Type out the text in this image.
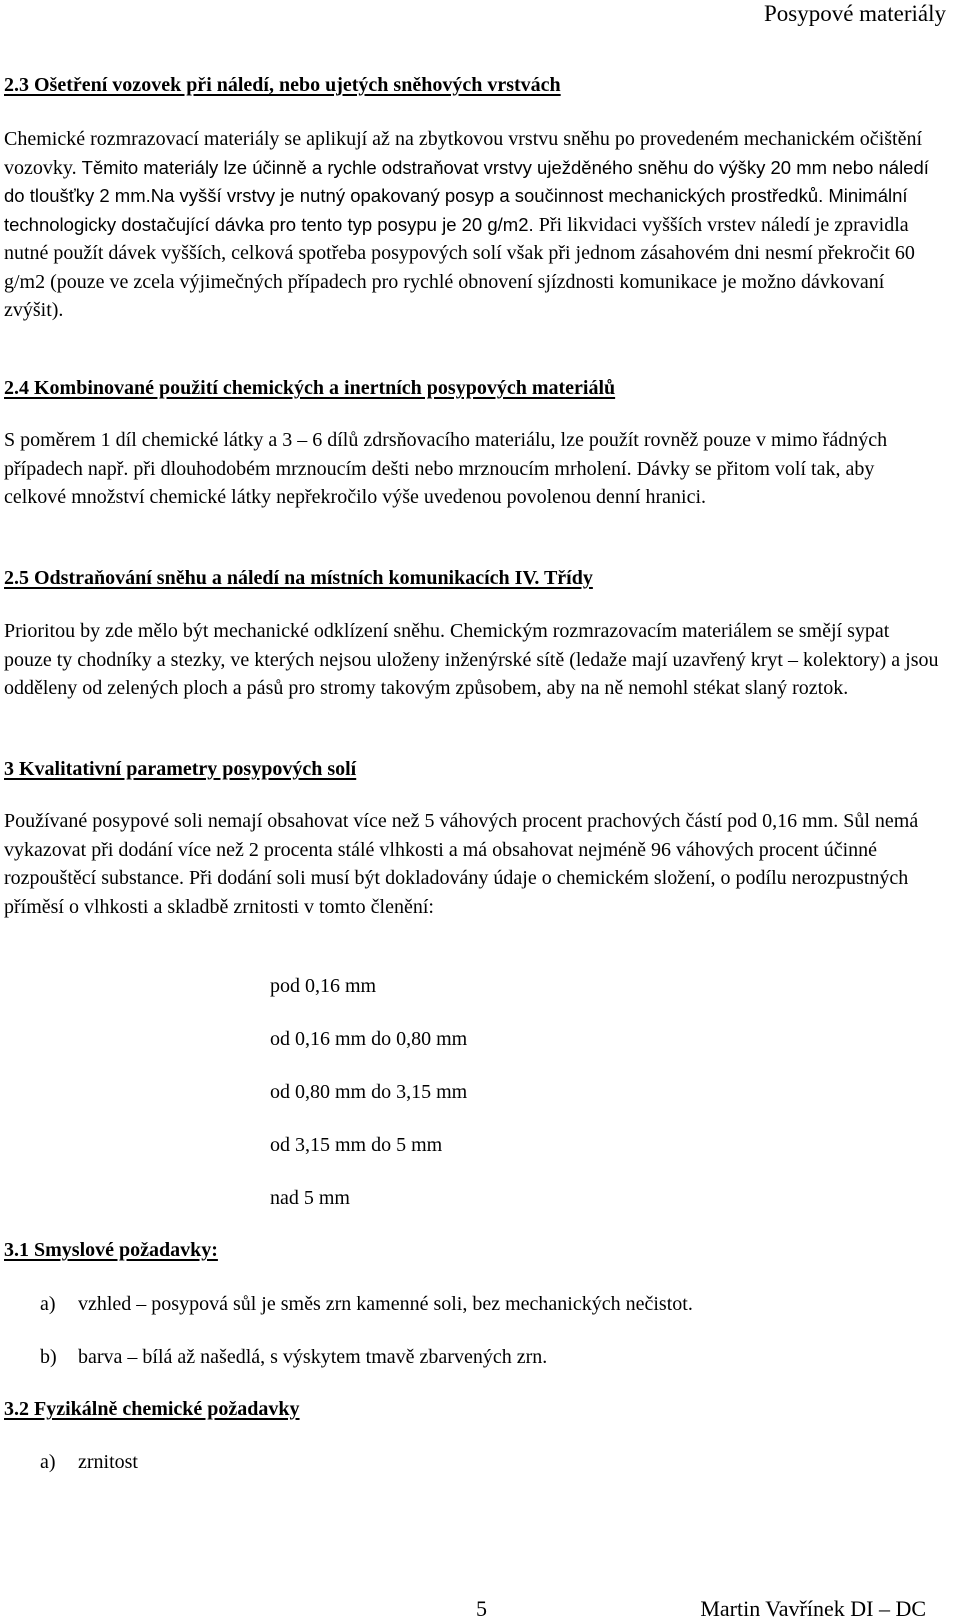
Posypové materiály
2.3 Ošetření vozovek při náledí, nebo ujetých sněhových vrstvách
Chemické rozmrazovací materiály se aplikují až na zbytkovou vrstvu sněhu po provedeném mechanickém očištění vozovky. Těmito materiály lze účinně a rychle odstraňovat vrstvy uježděného sněhu do výšky 20 mm nebo náledí do tloušťky 2 mm.Na vyšší vrstvy je nutný opakovaný posyp a součinnost mechanických prostředků. Minimální technologicky dostačující dávka pro tento typ posypu je 20 g/m2. Při likvidaci vyšších vrstev náledí je zpravidla nutné použít dávek vyšších, celková spotřeba posypových solí však při jednom zásahovém dni nesmí překročit 60 g/m2 (pouze ve zcela výjimečných případech pro rychlé obnovení sjízdnosti komunikace je možno dávkovaní zvýšit).
2.4 Kombinované použití chemických a inertních posypových materiálů
S poměrem 1 díl chemické látky a 3 – 6 dílů zdrsňovacího materiálu, lze použít rovněž pouze v mimo řádných případech např. při dlouhodobém mrznoucím dešti nebo mrznoucím mrholení. Dávky se přitom volí tak, aby celkové množství chemické látky nepřekročilo výše uvedenou povolenou denní hranici.
2.5 Odstraňování sněhu a náledí na místních komunikacích IV. Třídy
Prioritou by zde mělo být mechanické odklízení sněhu. Chemickým rozmrazovacím materiálem se smějí sypat pouze ty chodníky a stezky, ve kterých nejsou uloženy inženýrské sítě (ledaže mají uzavřený kryt – kolektory) a jsou odděleny od zelených ploch a pásů pro stromy takovým způsobem, aby na ně nemohl stékat slaný roztok.
3 Kvalitativní parametry posypových solí
Používané posypové soli nemají obsahovat více než 5 váhových procent prachových částí pod 0,16 mm. Sůl nemá vykazovat při dodání více než 2 procenta stálé vlhkosti a má obsahovat nejméně 96 váhových procent účinné rozpouštěcí substance. Při dodání soli musí být dokladovány údaje o chemickém složení, o podílu nerozpustných příměsí o vlhkosti a skladbě zrnitosti v tomto členění:
pod 0,16 mm
od 0,16 mm do 0,80 mm
od 0,80 mm do 3,15 mm
od 3,15 mm do 5 mm
nad 5 mm
3.1 Smyslové požadavky:
a) vzhled – posypová sůl je směs zrn kamenné soli, bez mechanických nečistot.
b) barva – bílá až našedlá, s výskytem tmavě zbarvených zrn.
3.2 Fyzikálně chemické požadavky
a) zrnitost
5	Martin Vavřínek DI – DC
